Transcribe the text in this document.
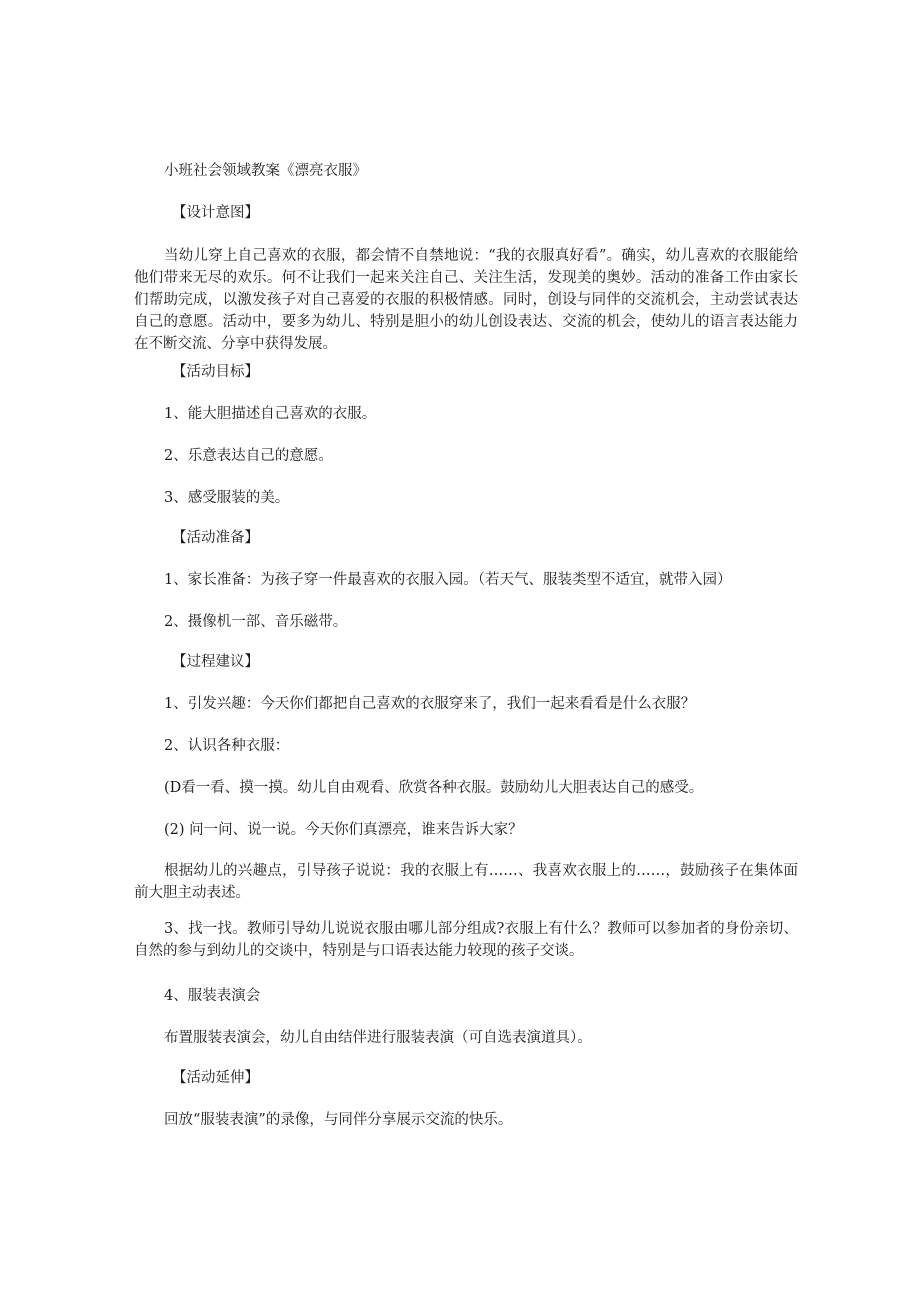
小班社会领域教案《漂亮衣服》
【设计意图】
当幼儿穿上自己喜欢的衣服，都会情不自禁地说：“我的衣服真好看”。确实，幼儿喜欢的衣服能给他们带来无尽的欢乐。何不让我们一起来关注自己、关注生活，发现美的奥妙。活动的准备工作由家长们帮助完成，以激发孩子对自己喜爱的衣服的积极情感。同时，创设与同伴的交流机会，主动尝试表达自己的意愿。活动中，要多为幼儿、特别是胆小的幼儿创设表达、交流的机会，使幼儿的语言表达能力在不断交流、分享中获得发展。
【活动目标】
1、能大胆描述自己喜欢的衣服。
2、乐意表达自己的意愿。
3、感受服装的美。
【活动准备】
1、家长准备：为孩子穿一件最喜欢的衣服入园。（若天气、服装类型不适宜，就带入园）
2、摄像机一部、音乐磁带。
【过程建议】
1、引发兴趣：今天你们都把自己喜欢的衣服穿来了，我们一起来看看是什么衣服？
2、认识各种衣服：
(D看一看、摸一摸。幼儿自由观看、欣赏各种衣服。鼓励幼儿大胆表达自己的感受。
(2) 问一问、说一说。今天你们真漂亮，谁来告诉大家？
根据幼儿的兴趣点，引导孩子说说：我的衣服上有……、我喜欢衣服上的……，鼓励孩子在集体面前大胆主动表述。
3、找一找。教师引导幼儿说说衣服由哪儿部分组成?衣服上有什么？教师可以参加者的身份亲切、自然的参与到幼儿的交谈中，特别是与口语表达能力较现的孩子交谈。
4、服装表演会
布置服装表演会，幼儿自由结伴进行服装表演（可自选表演道具）。
【活动延伸】
回放“服装表演”的录像，与同伴分享展示交流的快乐。
